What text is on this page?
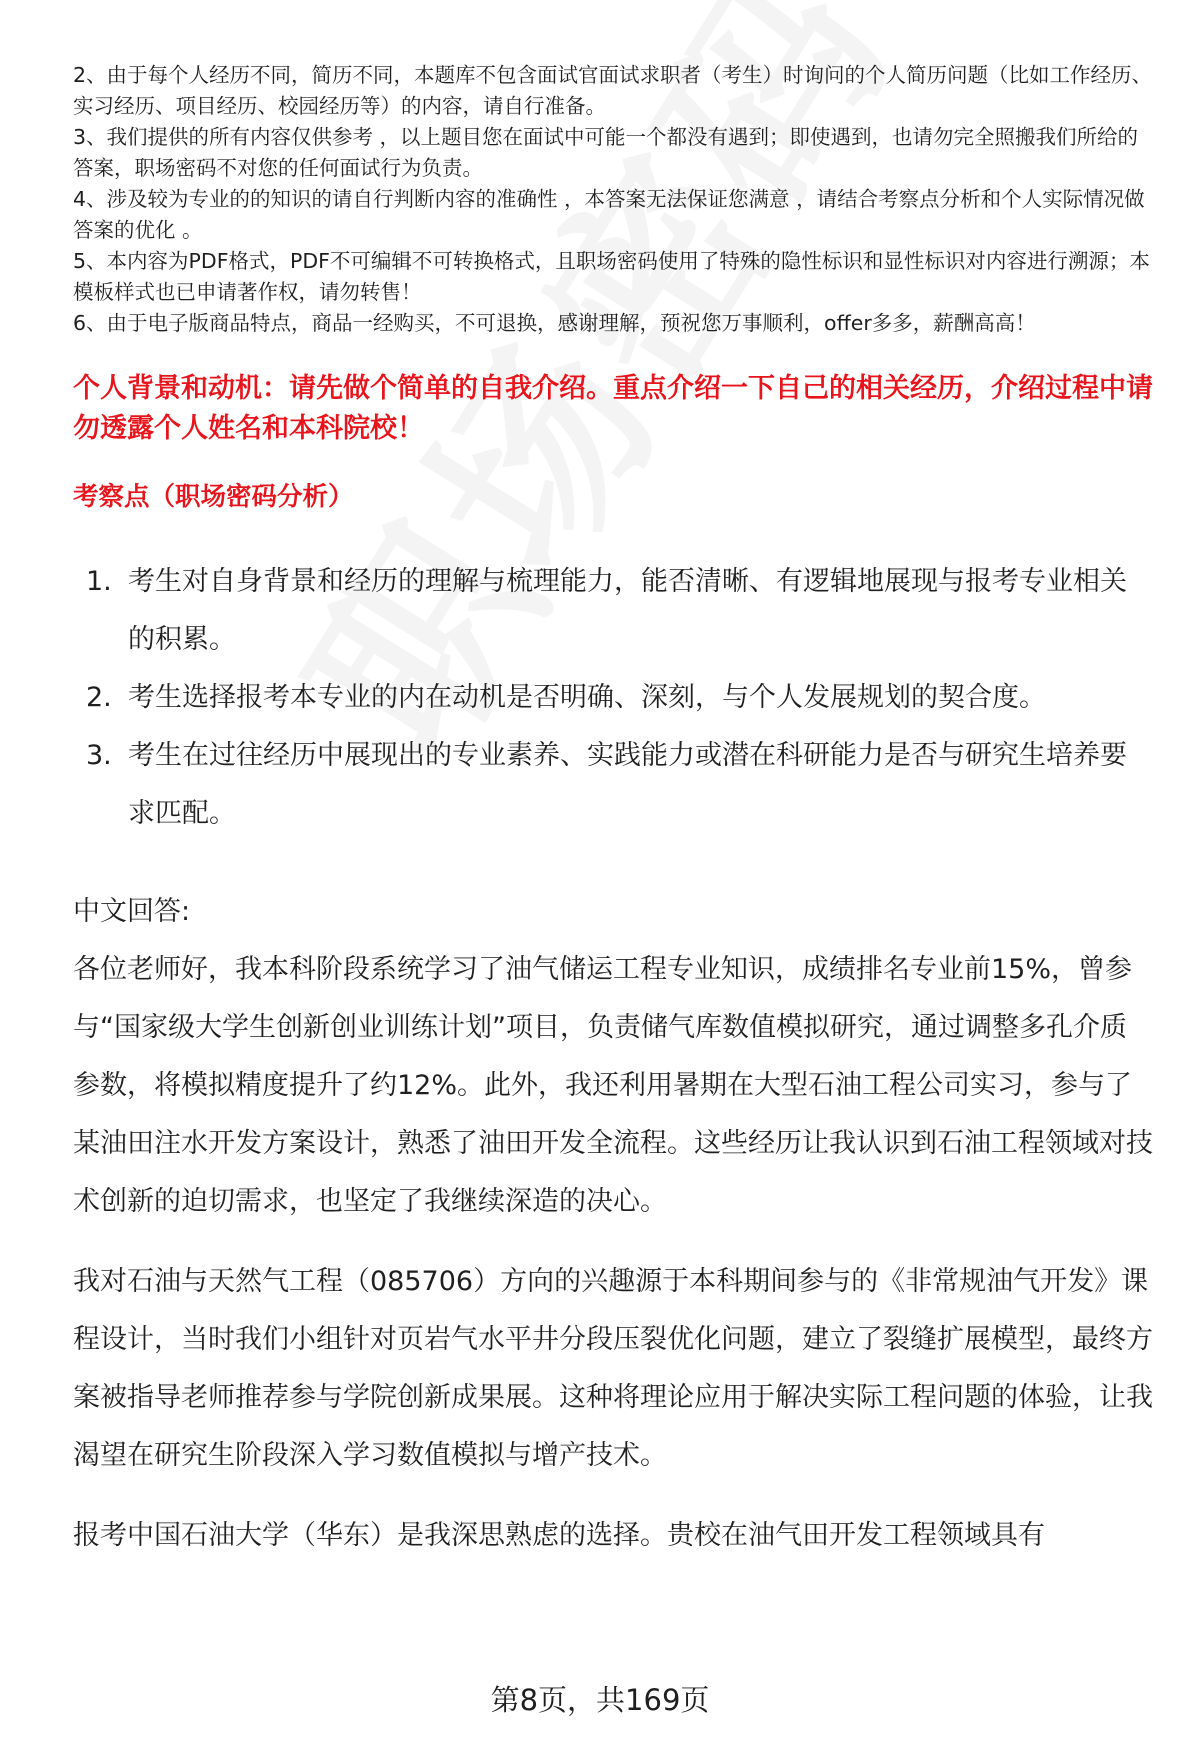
2、由于每个人经历不同，简历不同，本题库不包含面试官面试求职者（考生）时询问的个人简历问题（比如工作经历、实习经历、项目经历、校园经历等）的内容，请自行准备。

3、我们提供的所有内容仅供参考 ，以上题目您在面试中可能一个都没有遇到；即使遇到，也请勿完全照搬我们所给的答案，职场密码不对您的任何面试行为负责。

4、涉及较为专业的的知识的请自行判断内容的准确性 ，本答案无法保证您满意 ，请结合考察点分析和个人实际情况做答案的优化 。

5、本内容为PDF格式，PDF不可编辑不可转换格式，且职场密码使用了特殊的隐性标识和显性标识对内容进行溯源；本模板样式也已申请著作权，请勿转售！

6、由于电子版商品特点，商品一经购买，不可退换，感谢理解，预祝您万事顺利，offer多多，薪酬高高！

个人背景和动机：请先做个简单的自我介绍。重点介绍一下自己的相关经历，介绍过程中请勿透露个人姓名和本科院校！
考察点（职场密码分析）
1. 考生对自身背景和经历的理解与梳理能力，能否清晰、有逻辑地展现与报考专业相关的积累。
2. 考生选择报考本专业的内在动机是否明确、深刻，与个人发展规划的契合度。
3. 考生在过往经历中展现出的专业素养、实践能力或潜在科研能力是否与研究生培养要求匹配。

中文回答:

各位老师好，我本科阶段系统学习了油气储运工程专业知识，成绩排名专业前15%，曾参与“国家级大学生创新创业训练计划”项目，负责储气库数值模拟研究，通过调整多孔介质参数，将模拟精度提升了约12%。此外，我还利用暑期在大型石油工程公司实习，参与了某油田注水开发方案设计，熟悉了油田开发全流程。这些经历让我认识到石油工程领域对技术创新的迫切需求，也坚定了我继续深造的决心。

我对石油与天然气工程（085706）方向的兴趣源于本科期间参与的《非常规油气开发》课程设计，当时我们小组针对页岩气水平井分段压裂优化问题，建立了裂缝扩展模型，最终方案被指导老师推荐参与学院创新成果展。这种将理论应用于解决实际工程问题的体验，让我渴望在研究生阶段深入学习数值模拟与增产技术。

报考中国石油大学（华东）是我深思熟虑的选择。贵校在油气田开发工程领域具有

第8页，共169页
